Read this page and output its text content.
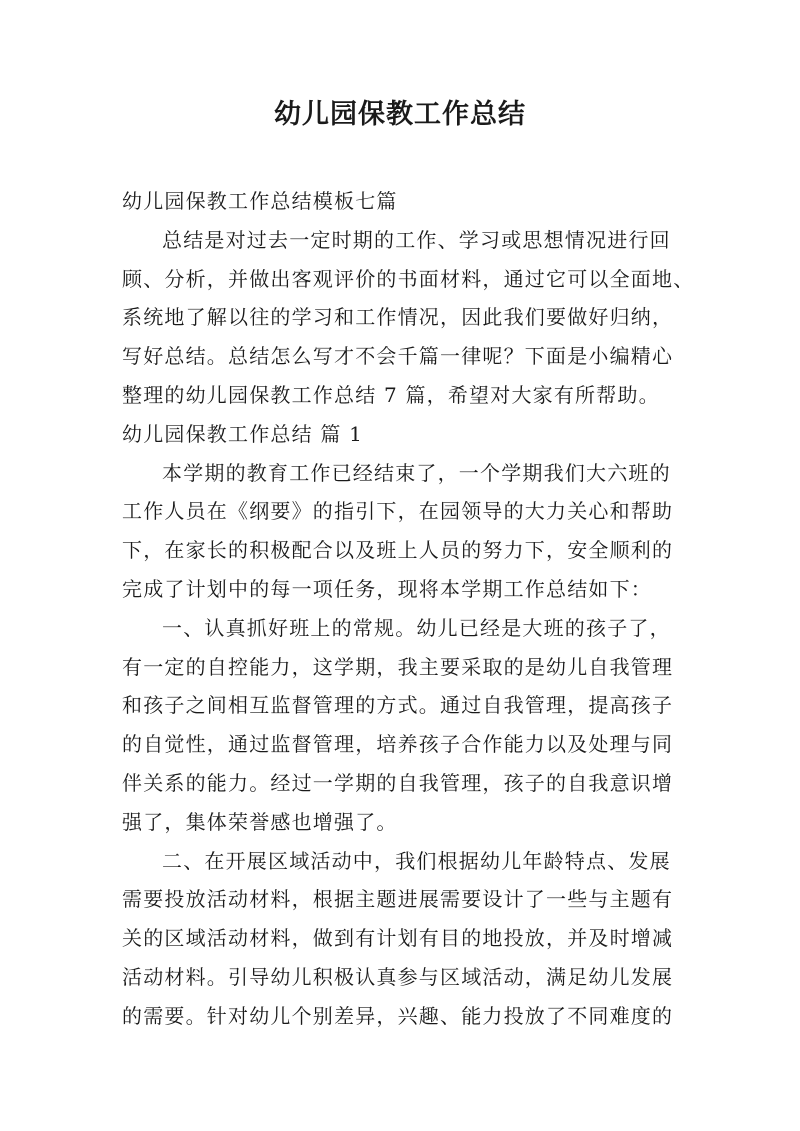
幼儿园保教工作总结
幼儿园保教工作总结模板七篇
总结是对过去一定时期的工作、学习或思想情况进行回
顾、分析，并做出客观评价的书面材料，通过它可以全面地、
系统地了解以往的学习和工作情况，因此我们要做好归纳，
写好总结。总结怎么写才不会千篇一律呢？下面是小编精心
整理的幼儿园保教工作总结 7 篇，希望对大家有所帮助。
幼儿园保教工作总结 篇 1
本学期的教育工作已经结束了，一个学期我们大六班的
工作人员在《纲要》的指引下，在园领导的大力关心和帮助
下，在家长的积极配合以及班上人员的努力下，安全顺利的
完成了计划中的每一项任务，现将本学期工作总结如下：
一、认真抓好班上的常规。幼儿已经是大班的孩子了，
有一定的自控能力，这学期，我主要采取的是幼儿自我管理
和孩子之间相互监督管理的方式。通过自我管理，提高孩子
的自觉性，通过监督管理，培养孩子合作能力以及处理与同
伴关系的能力。经过一学期的自我管理，孩子的自我意识增
强了，集体荣誉感也增强了。
二、在开展区域活动中，我们根据幼儿年龄特点、发展
需要投放活动材料，根据主题进展需要设计了一些与主题有
关的区域活动材料，做到有计划有目的地投放，并及时增减
活动材料。引导幼儿积极认真参与区域活动，满足幼儿发展
的需要。针对幼儿个别差异，兴趣、能力投放了不同难度的
